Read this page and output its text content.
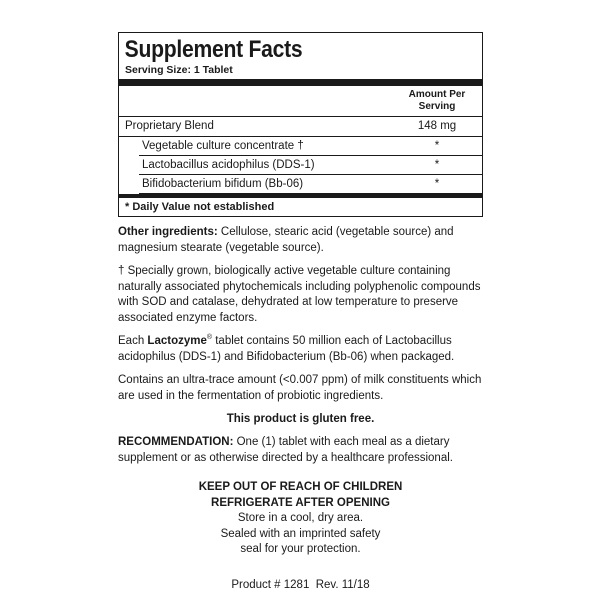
Supplement Facts
Serving Size: 1 Tablet
Amount Per
Serving
Proprietary Blend	148 mg
Vegetable culture concentrate †	*
Lactobacillus acidophilus (DDS-1)	*
Bifidobacterium bifidum (Bb-06)	*
* Daily Value not established

Other ingredients: Cellulose, stearic acid (vegetable source) and magnesium stearate (vegetable source).

† Specially grown, biologically active vegetable culture containing naturally associated phytochemicals including polyphenolic compounds with SOD and catalase, dehydrated at low temperature to preserve associated enzyme factors.

Each Lactozyme® tablet contains 50 million each of Lactobacillus acidophilus (DDS-1) and Bifidobacterium (Bb-06) when packaged.

Contains an ultra-trace amount (<0.007 ppm) of milk constituents which are used in the fermentation of probiotic ingredients.

This product is gluten free.

RECOMMENDATION: One (1) tablet with each meal as a dietary supplement or as otherwise directed by a healthcare professional.

KEEP OUT OF REACH OF CHILDREN
REFRIGERATE AFTER OPENING
Store in a cool, dry area.
Sealed with an imprinted safety
seal for your protection.
Product # 1281  Rev. 11/18
